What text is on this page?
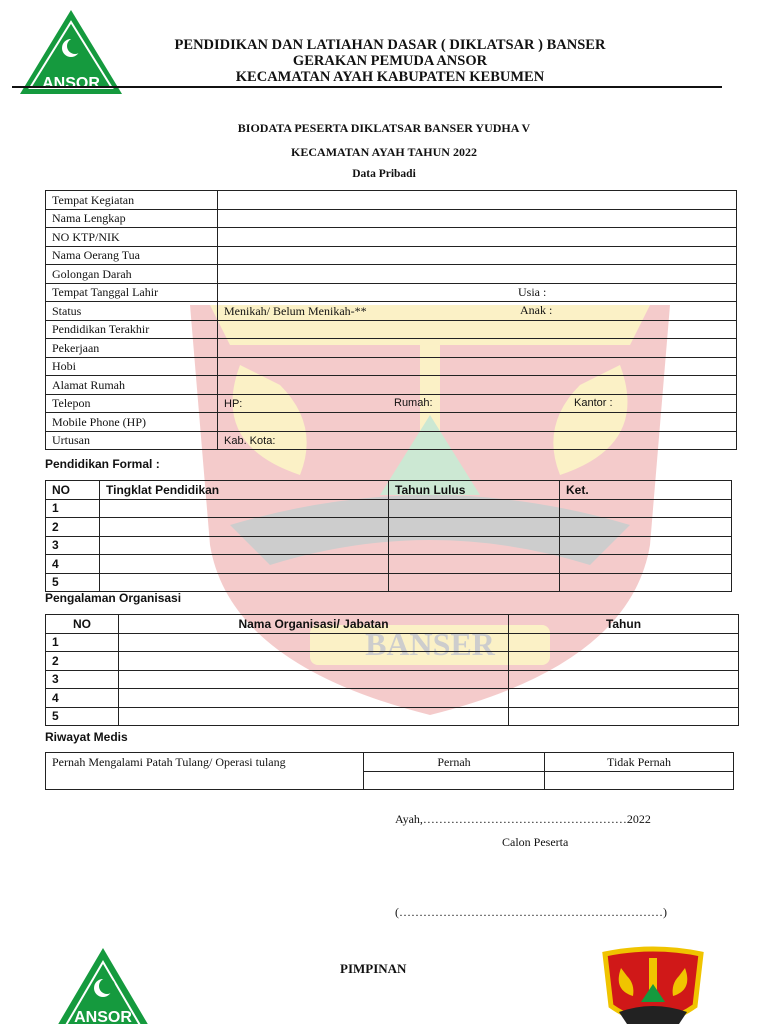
BANSER
ANSOR
PENDIDIKAN DAN LATIAHAN DASAR ( DIKLATSAR ) BANSER
GERAKAN PEMUDA ANSOR
KECAMATAN AYAH KABUPATEN KEBUMEN
BIODATA PESERTA DIKLATSAR BANSER YUDHA V
KECAMATAN AYAH TAHUN 2022
Data Pribadi
Tempat Kegiatan	
Nama Lengkap	
NO KTP/NIK	
Nama Oerang Tua	
Golongan Darah	
Tempat Tanggal Lahir	Usia :

Status	Menikah/ Belum Menikah-** Anak :

Pendidikan Terakhir	
Pekerjaan	
Hobi	
Alamat Rumah	
Telepon	HP: Rumah: Kantor :

Mobile Phone (HP)	
Urtusan	Kab. Kota:
Pendidikan Formal :
NO	Tingklat Pendidikan	Tahun Lulus	Ket.
1			
2			
3			
4			
5			
Pengalaman Organisasi
NO	Nama Organisasi/ Jabatan	Tahun
1		
2		
3		
4		
5		
Riwayat Medis
Pernah Mengalami Patah Tulang/ Operasi tulang	Pernah	Tidak Pernah

Ayah,……………………………………………2022
Calon Peserta
(…………………………………………………………)
PIMPINAN
ANSOR
